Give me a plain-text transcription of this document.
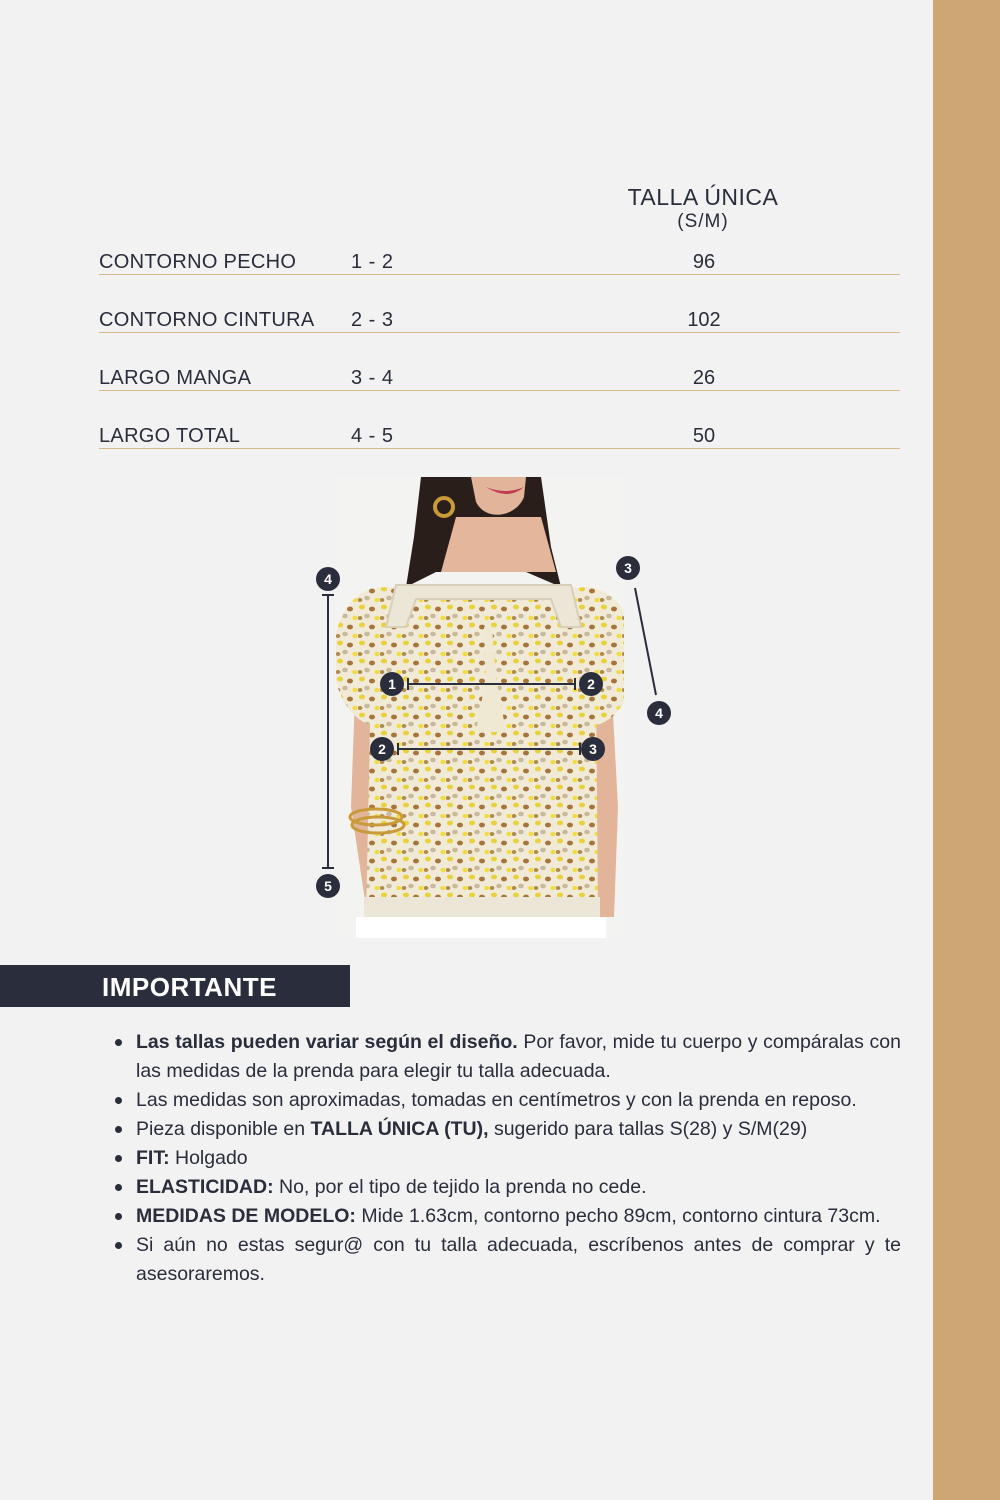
TALLA ÚNICA
(S/M)
CONTORNO PECHO	1 - 2	96
CONTORNO CINTURA 2 - 3	102
LARGO MANGA	3 - 4	26
LARGO TOTAL	4 - 5	50
4
5
3
4
1	2
2	3
IMPORTANTE
Las tallas pueden variar según el diseño. Por favor, mide tu cuerpo y compáralas con las medidas de la prenda para elegir tu talla adecuada.
Las medidas son aproximadas, tomadas en centímetros y con la prenda en reposo.
Pieza disponible en TALLA ÚNICA (TU), sugerido para tallas S(28) y S/M(29)
FIT: Holgado
ELASTICIDAD: No, por el tipo de tejido la prenda no cede.
MEDIDAS DE MODELO: Mide 1.63cm, contorno pecho 89cm, contorno cintura 73cm.
Si aún no estas segur@ con tu talla adecuada, escríbenos antes de comprar y te asesoraremos.
